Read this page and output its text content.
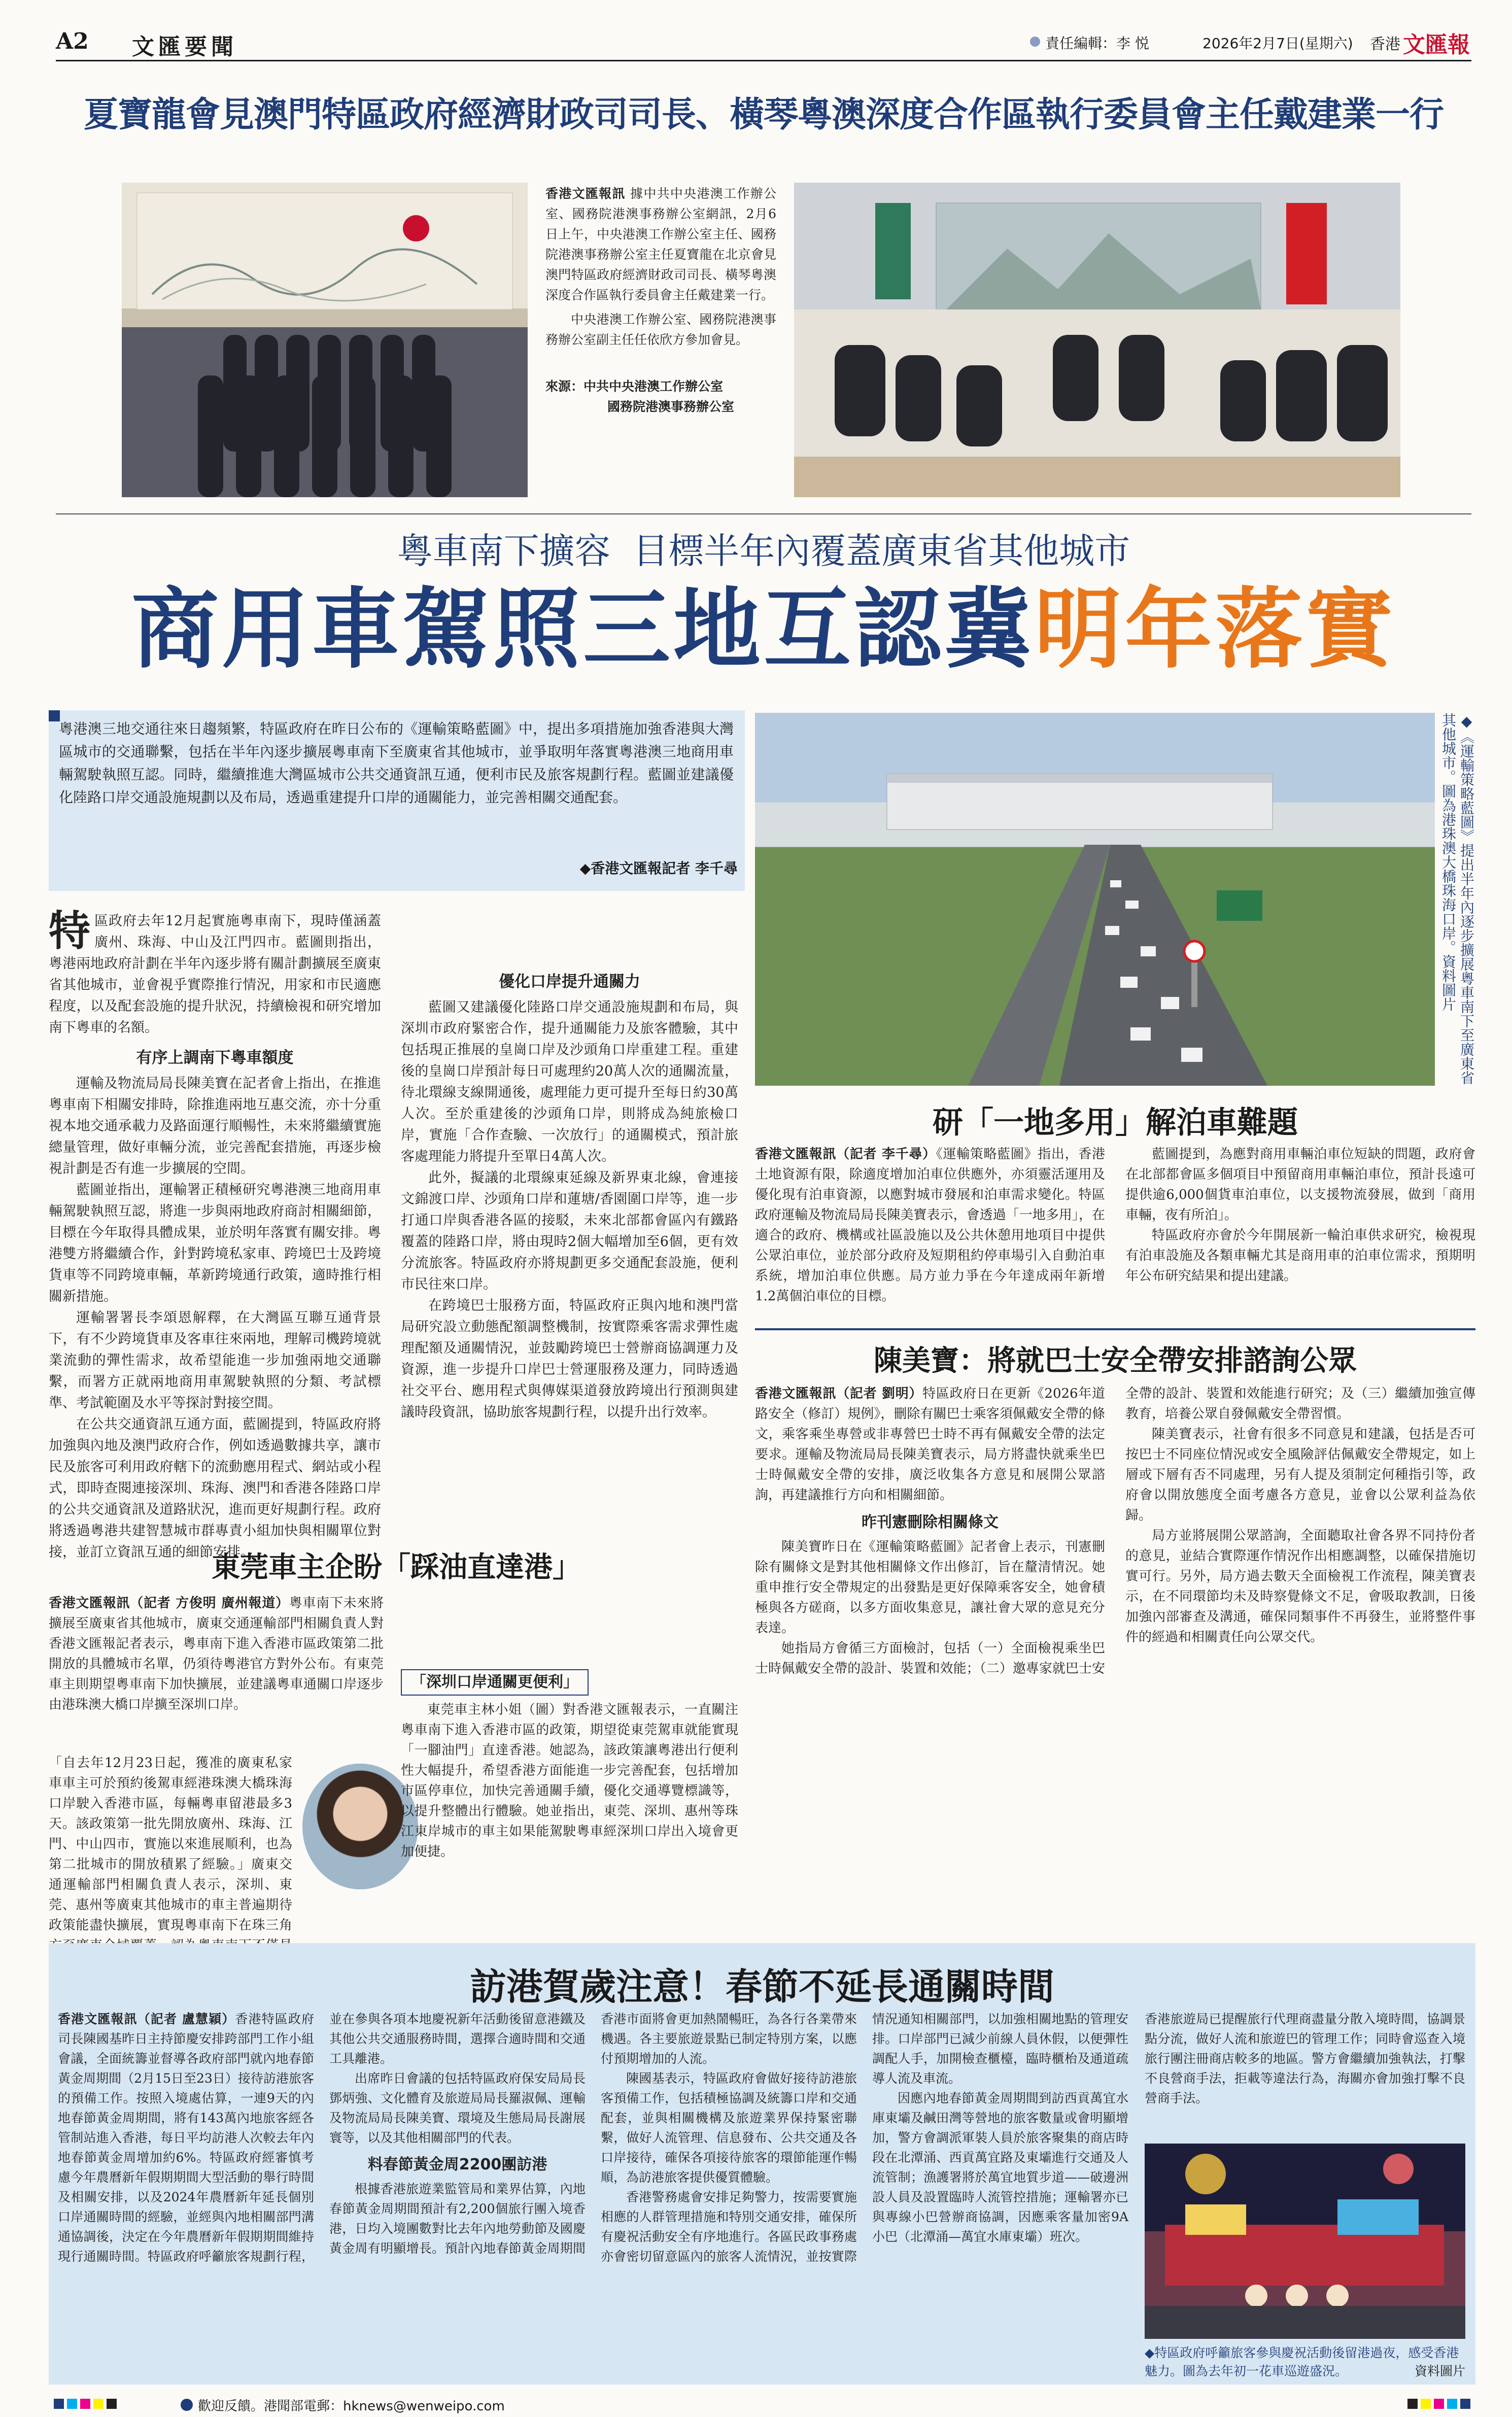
A2 文匯要聞	責任編輯：李 悦	2026年2月7日(星期六) 香港 文匯報
夏寶龍會見澳門特區政府經濟財政司司長、橫琴粵澳深度合作區執行委員會主任戴建業一行
香港文匯報訊 據中共中央港澳工作辦公室、國務院港澳事務辦公室網訊，2月6日上午，中央港澳工作辦公室主任、國務院港澳事務辦公室主任夏寶龍在北京會見澳門特區政府經濟財政司司長、橫琴粵澳深度合作區執行委員會主任戴建業一行。

中央港澳工作辦公室、國務院港澳事務辦公室副主任任依欣方參加會見。

來源：中共中央港澳工作辦公室

國務院港澳事務辦公室

粵車南下擴容  目標半年內覆蓋廣東省其他城市
商用車駕照三地互認冀明年落實
粵港澳三地交通往來日趨頻繁，特區政府在昨日公布的《運輸策略藍圖》中，提出多項措施加強香港與大灣區城市的交通聯繫，包括在半年內逐步擴展粵車南下至廣東省其他城市，並爭取明年落實粵港澳三地商用車輛駕駛執照互認。同時，繼續推進大灣區城市公共交通資訊互通，便利市民及旅客規劃行程。藍圖並建議優化陸路口岸交通設施規劃以及布局，透過重建提升口岸的通關能力，並完善相關交通配套。
◆香港文匯報記者 李千尋	◆《運輸策略藍圖》提出半年內逐步擴展粵車南下至廣東省其他城市。圖為港珠澳大橋珠海口岸。資料圖片
特 區政府去年12月起實施粵車南下，現時僅涵蓋廣州、珠海、中山及江門四市。藍圖則指出，粵港兩地政府計劃在半年內逐步將有關計劃擴展至廣東省其他城市，並會視乎實際推行情況，用家和市民適應程度，以及配套設施的提升狀況，持續檢視和研究增加南下粵車的名額。
有序上調南下粵車額度

運輸及物流局局長陳美寶在記者會上指出，在推進粵車南下相關安排時，除推進兩地互惠交流，亦十分重視本地交通承載力及路面運行順暢性，未來將繼續實施總量管理，做好車輛分流，並完善配套措施，再逐步檢視計劃是否有進一步擴展的空間。

藍圖並指出，運輸署正積極研究粵港澳三地商用車輛駕駛執照互認，將進一步與兩地政府商討相關細節，目標在今年取得具體成果，並於明年落實有關安排。粵港雙方將繼續合作，針對跨境私家車、跨境巴士及跨境貨車等不同跨境車輛，革新跨境通行政策，適時推行相關新措施。

運輸署署長李頌恩解釋，在大灣區互聯互通背景下，有不少跨境貨車及客車往來兩地，理解司機跨境就業流動的彈性需求，故希望能進一步加強兩地交通聯繫，而署方正就兩地商用車駕駛執照的分類、考試標準、考試範圍及水平等探討對接空間。

在公共交通資訊互通方面，藍圖提到，特區政府將加強與內地及澳門政府合作，例如透過數據共享，讓市民及旅客可利用政府轄下的流動應用程式、網站或小程式，即時查閱連接深圳、珠海、澳門和香港各陸路口岸的公共交通資訊及道路狀況，進而更好規劃行程。政府將透過粵港共建智慧城市群專責小組加快與相關單位對接，並訂立資訊互通的細節安排。

優化口岸提升通關力

藍圖又建議優化陸路口岸交通設施規劃和布局，與深圳市政府緊密合作，提升通關能力及旅客體驗，其中包括現正推展的皇崗口岸及沙頭角口岸重建工程。重建後的皇崗口岸預計每日可處理約20萬人次的通關流量，待北環線支線開通後，處理能力更可提升至每日約30萬人次。至於重建後的沙頭角口岸，則將成為純旅檢口岸，實施「合作查驗、一次放行」的通關模式，預計旅客處理能力將提升至單日4萬人次。

此外，擬議的北環線東延線及新界東北線，會連接文錦渡口岸、沙頭角口岸和蓮塘/香園圍口岸等，進一步打通口岸與香港各區的接駁，未來北部都會區內有鐵路覆蓋的陸路口岸，將由現時2個大幅增加至6個，更有效分流旅客。特區政府亦將規劃更多交通配套設施，便利市民往來口岸。

在跨境巴士服務方面，特區政府正與內地和澳門當局研究設立動態配額調整機制，按實際乘客需求彈性處理配額及通關情況，並鼓勵跨境巴士營辦商協調運力及資源，進一步提升口岸巴士營運服務及運力，同時透過社交平台、應用程式與傳媒渠道發放跨境出行預測與建議時段資訊，協助旅客規劃行程，以提升出行效率。

研「一地多用」解泊車難題
香港文匯報訊（記者 李千尋）《運輸策略藍圖》指出，香港土地資源有限，除適度增加泊車位供應外，亦須靈活運用及優化現有泊車資源，以應對城市發展和泊車需求變化。特區政府運輸及物流局局長陳美寶表示，會透過「一地多用」，在適合的政府、機構或社區設施以及公共休憩用地項目中提供公眾泊車位，並於部分政府及短期租約停車場引入自動泊車系統，增加泊車位供應。局方並力爭在今年達成兩年新增1.2萬個泊車位的目標。

藍圖提到，為應對商用車輛泊車位短缺的問題，政府會在北部都會區多個項目中預留商用車輛泊車位，預計長遠可提供逾6,000個貨車泊車位，以支援物流發展，做到「商用車輛，夜有所泊」。

特區政府亦會於今年開展新一輪泊車供求研究，檢視現有泊車設施及各類車輛尤其是商用車的泊車位需求，預期明年公布研究結果和提出建議。

陳美寶：將就巴士安全帶安排諮詢公眾
香港文匯報訊（記者 劉明）特區政府日在更新《2026年道路安全（修訂）規例》，刪除有關巴士乘客須佩戴安全帶的條文，乘客乘坐專營或非專營巴士時不再有佩戴安全帶的法定要求。運輸及物流局局長陳美寶表示，局方將盡快就乘坐巴士時佩戴安全帶的安排，廣泛收集各方意見和展開公眾諮詢，再建議推行方向和相關細節。
昨刊憲刪除相關條文

陳美寶昨日在《運輸策略藍圖》記者會上表示，刊憲刪除有關條文是對其他相關條文作出修訂，旨在釐清情況。她重申推行安全帶規定的出發點是更好保障乘客安全，她會積極與各方磋商，以多方面收集意見，讓社會大眾的意見充分表達。

她指局方會循三方面檢討，包括（一）全面檢視乘坐巴士時佩戴安全帶的設計、裝置和效能；（二）邀專家就巴士安全帶的設計、裝置和效能進行研究；及（三）繼續加強宣傳教育，培養公眾自發佩戴安全帶習慣。

陳美寶表示，社會有很多不同意見和建議，包括是否可按巴士不同座位情況或安全風險評估佩戴安全帶規定，如上層或下層有否不同處理，另有人提及須制定何種指引等，政府會以開放態度全面考慮各方意見，並會以公眾利益為依歸。

局方並將展開公眾諮詢，全面聽取社會各界不同持份者的意見，並結合實際運作情況作出相應調整，以確保措施切實可行。另外，局方過去數天全面檢視工作流程，陳美寶表示，在不同環節均未及時察覺條文不足，會吸取教訓，日後加強內部審查及溝通，確保同類事件不再發生，並將整件事件的經過和相關責任向公眾交代。

東莞車主企盼「踩油直達港」
香港文匯報訊（記者 方俊明 廣州報道）粵車南下未來將擴展至廣東省其他城市，廣東交通運輸部門相關負責人對香港文匯報記者表示，粵車南下進入香港市區政策第二批開放的具體城市名單，仍須待粵港官方對外公布。有東莞車主則期望粵車南下加快擴展，並建議粵車通關口岸逐步由港珠澳大橋口岸擴至深圳口岸。
「自去年12月23日起，獲准的廣東私家車車主可於預約後駕車經港珠澳大橋珠海口岸駛入香港市區，每輛粵車留港最多3天。該政策第一批先開放廣州、珠海、江門、中山四市，實施以來進展順利，也為第二批城市的開放積累了經驗。」廣東交通運輸部門相關負責人表示，深圳、東莞、惠州等廣東其他城市的車主普遍期待政策能盡快擴展，實現粵車南下在珠三角
「深圳口岸通關更便利」

東莞車主林小姐（圖）對香港文匯報表示，一直關注粵車南下進入香港市區的政策，期望從東莞駕車就能實現「一腳油門」直達香港。她認為，該政策讓粵港出行便利性大幅提升，希望香港方面能進一步完善配套，包括增加市區停車位，加快完善通關手續，優化交通導覽標識等，以提升整體出行體驗。她並指出，東莞、深圳、惠州等珠江東岸城市的車主如果能駕駛粵車經深圳口岸出入境會更加便捷。

訪港賀歲注意！春節不延長通關時間
香港文匯報訊（記者 盧慧穎）香港特區政府司長陳國基昨日主持節慶安排跨部門工作小組會議，全面統籌並督導各政府部門就內地春節黃金周期間（2月15日至23日）接待訪港旅客的預備工作。按照入境處估算，一連9天的內地春節黃金周期間，將有143萬內地旅客經各管制站進入香港，每日平均訪港人次較去年內地春節黃金周增加約6%。特區政府經審慎考慮今年農曆新年假期期間大型活動的舉行時間及相關安排，以及2024年農曆新年延長個別口岸通關時間的經驗，並經與內地相關部門溝通協調後，決定在今年農曆新年假期期間維持現行通關時間。特區政府呼籲旅客規劃行程，並在參與各項本地慶祝新年活動後留意港鐵及其他公共交通服務時間，選擇合適時間和交通工具離港。

出席昨日會議的包括特區政府保安局局長鄧炳強、文化體育及旅遊局局長羅淑佩、運輸及物流局局長陳美寶、環境及生態局局長謝展寰等，以及其他相關部門的代表。

料春節黃金周2200團訪港

根據香港旅遊業監管局和業界估算，內地春節黃金周期間預計有2,200個旅行團入境香港，日均入境團數對比去年內地勞動節及國慶黃金周有明顯增長。預計內地春節黃金周期間香港市面將會更加熱鬧暢旺，為各行各業帶來機遇。各主要旅遊景點已制定特別方案，以應付預期增加的人流。

陳國基表示，特區政府會做好接待訪港旅客預備工作，包括積極協調及統籌口岸和交通配套，並與相關機構及旅遊業界保持緊密聯繫，做好人流管理、信息發布、公共交通及各口岸接待，確保各項接待旅客的環節能運作暢順，為訪港旅客提供優質體驗。

香港警務處會安排足夠警力，按需要實施相應的人群管理措施和特別交通安排，確保所有慶祝活動安全有序地進行。各區民政事務處亦會密切留意區內的旅客人流情況，並按實際情況通知相關部門，以加強相關地點的管理安排。口岸部門已減少前線人員休假，以便彈性調配人手，加開檢查櫃檯，臨時櫃枱及通道疏導人流及車流。

因應內地春節黃金周期間到訪西貢萬宜水庫東壩及鹹田灣等營地的旅客數量或會明顯增加，警方會調派軍裝人員於旅客聚集的商店時段在北潭涌、西貢萬宜路及東壩進行交通及人流管制；漁護署將於萬宜地質步道——破邊洲設人員及設置臨時人流管控措施；運輸署亦已與專線小巴營辦商協調，因應乘客量加密9A小巴（北潭涌—萬宜水庫東壩）班次。

香港旅遊局已提醒旅行代理商盡量分散入境時間，協調景點分流，做好人流和旅遊巴的管理工作；同時會巡查入境旅行團注冊商店較多的地區。警方會繼續加強執法，打擊不良營商手法，拒載等違法行為，海關亦會加強打擊不良營商手法。
◆特區政府呼籲旅客參與慶祝活動後留港過夜，感受香港魅力。圖為去年初一花車巡遊盛況。	資料圖片
歡迎反饋。港聞部電郵：hknews@wenweipo.com
